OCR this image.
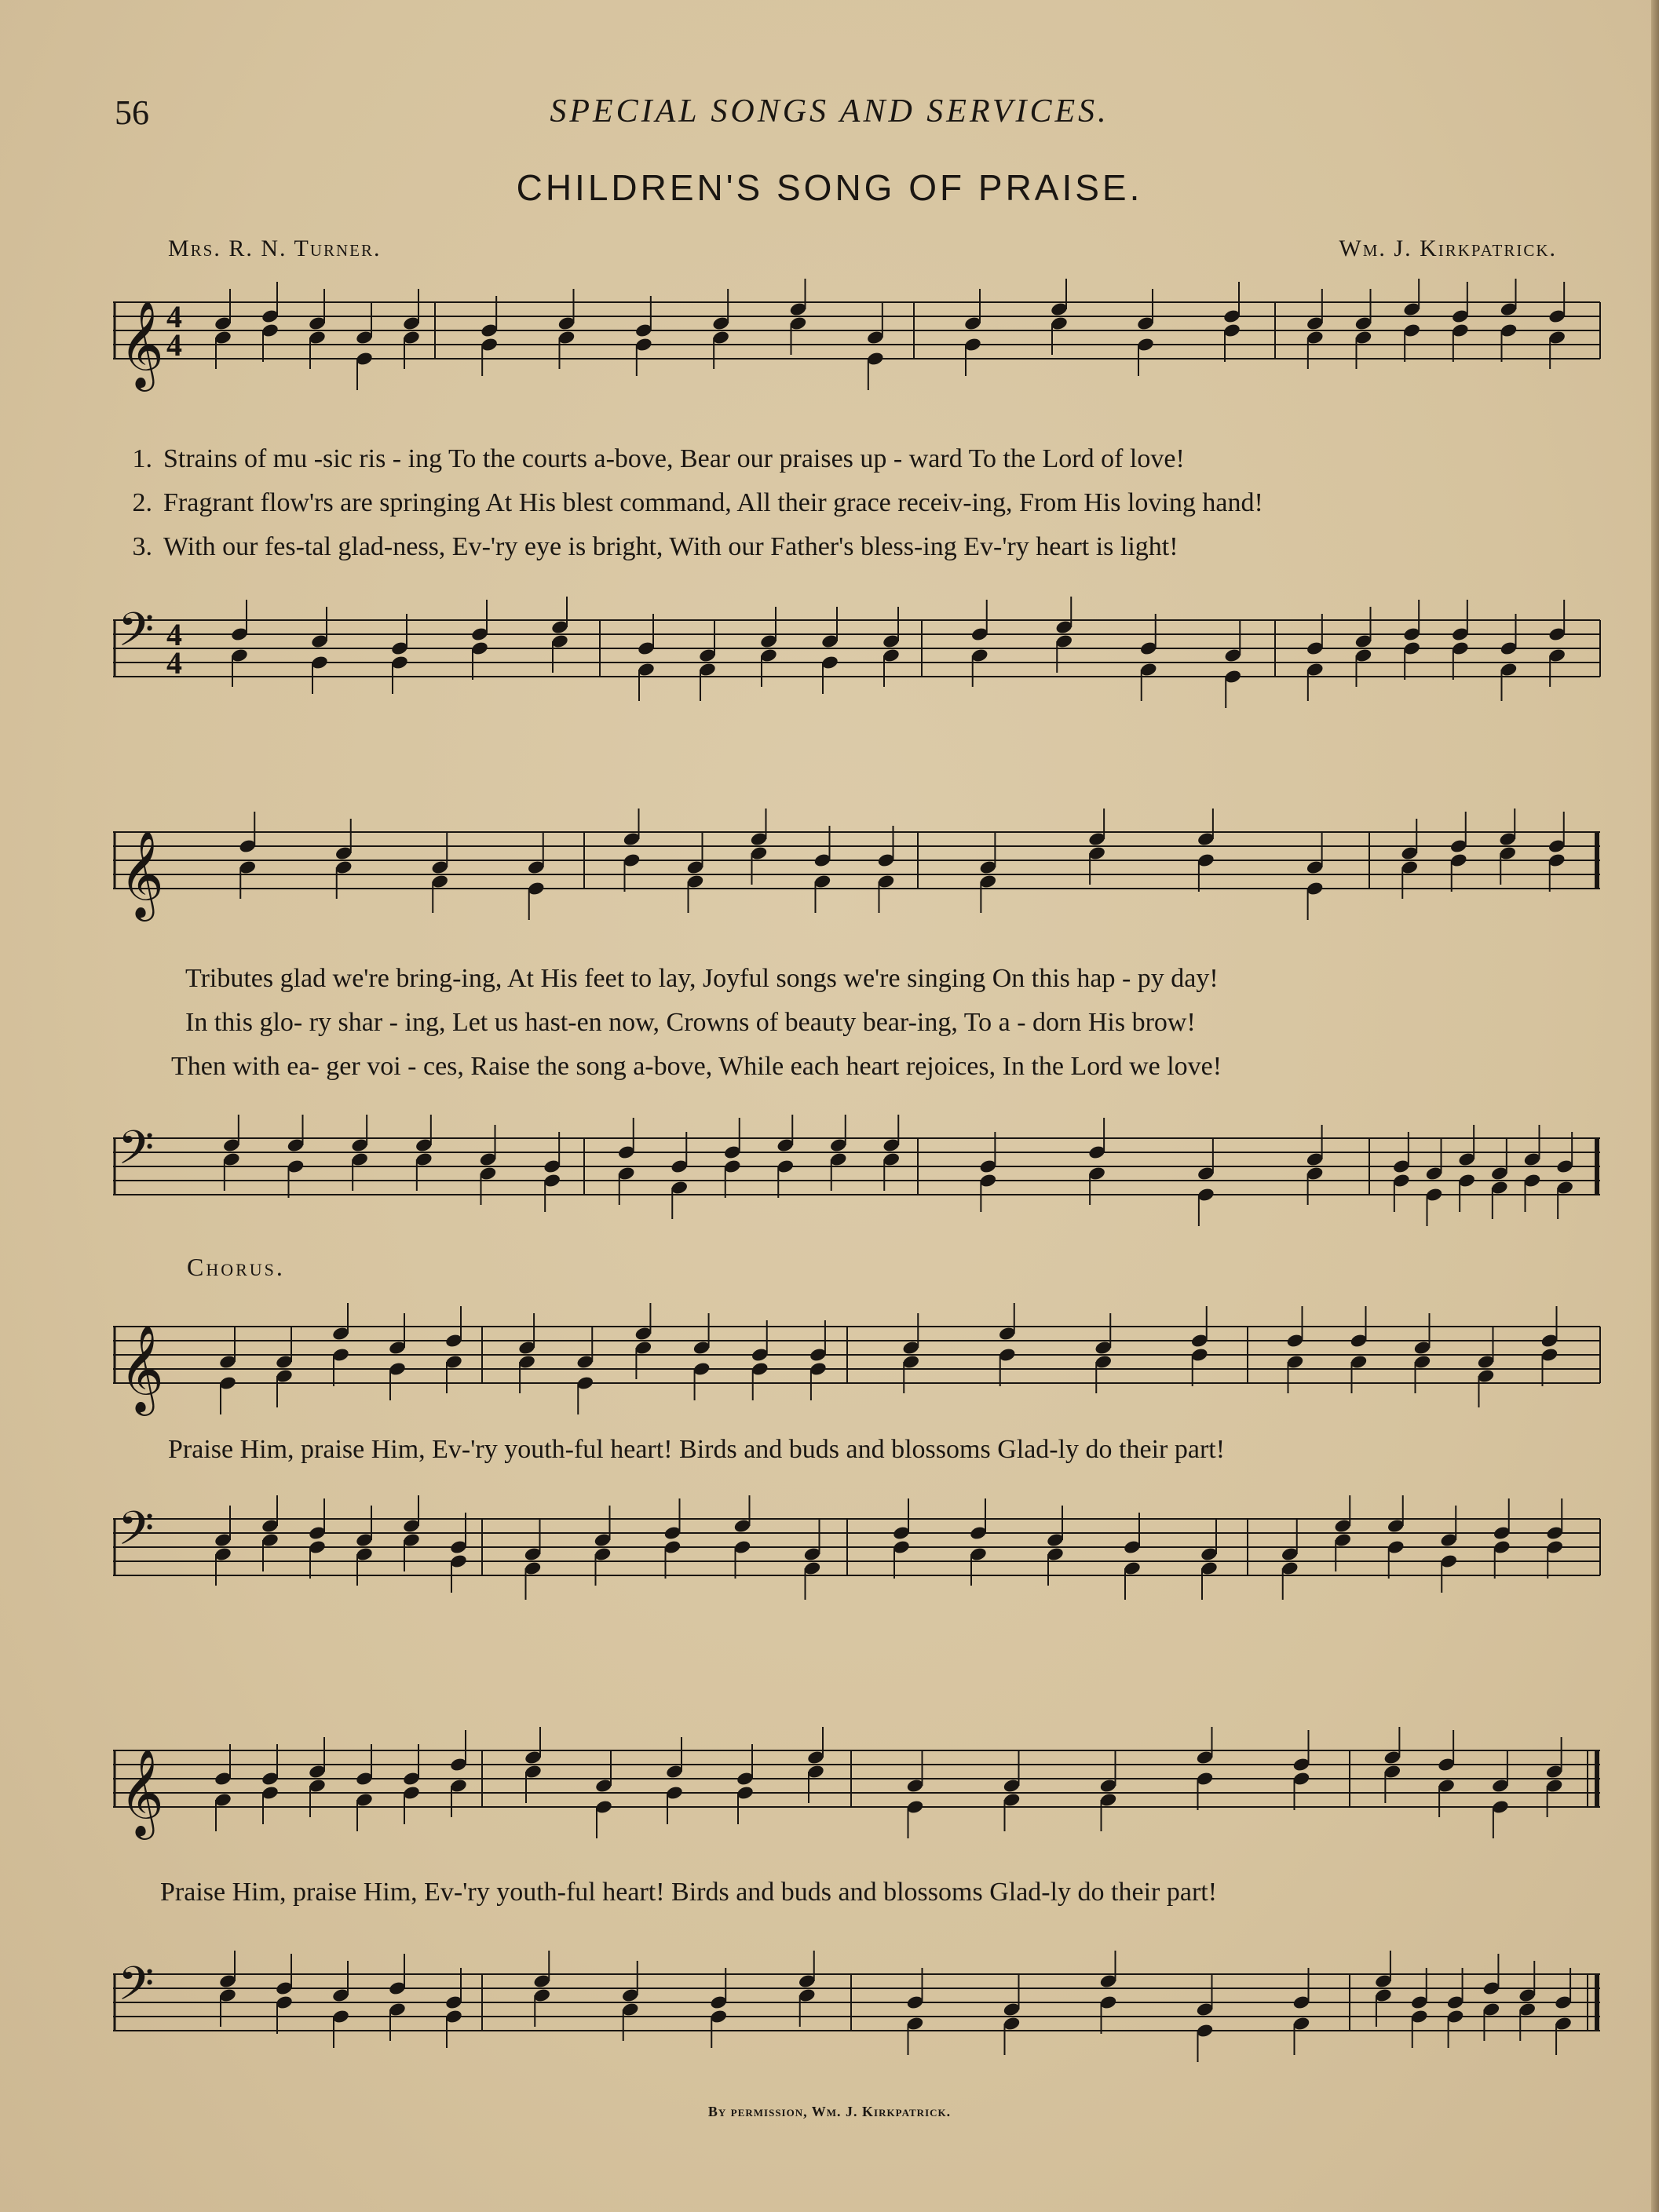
56	SPECIAL SONGS AND SERVICES.
CHILDREN'S SONG OF PRAISE.
Mrs. R. N. Turner.	Wm. J. Kirkpatrick.
𝄞 4
4
1. Strains of mu -sic ris - ing To the courts a-bove, Bear our praises up - ward To the Lord of love!
2. Fragrant flow'rs are springing At His blest command, All their grace receiv-ing, From His loving hand!
3. With our fes-tal glad-ness, Ev-'ry eye is bright, With our Father's bless-ing Ev-'ry heart is light!
𝄢 4
4
𝄞
Tributes glad we're bring-ing, At His feet to lay, Joyful songs we're singing On this hap - py day!
In this glo- ry shar - ing, Let us hast-en now, Crowns of beauty bear-ing, To a - dorn His brow!
Then with ea- ger voi - ces, Raise the song a-bove, While each heart rejoices, In the Lord we love!
𝄢
Chorus.
𝄞
Praise Him, praise Him, Ev-'ry youth-ful heart! Birds and buds and blossoms Glad-ly do their part!
𝄢
𝄞
Praise Him, praise Him, Ev-'ry youth-ful heart! Birds and buds and blossoms Glad-ly do their part!
𝄢
By permission, Wm. J. Kirkpatrick.
